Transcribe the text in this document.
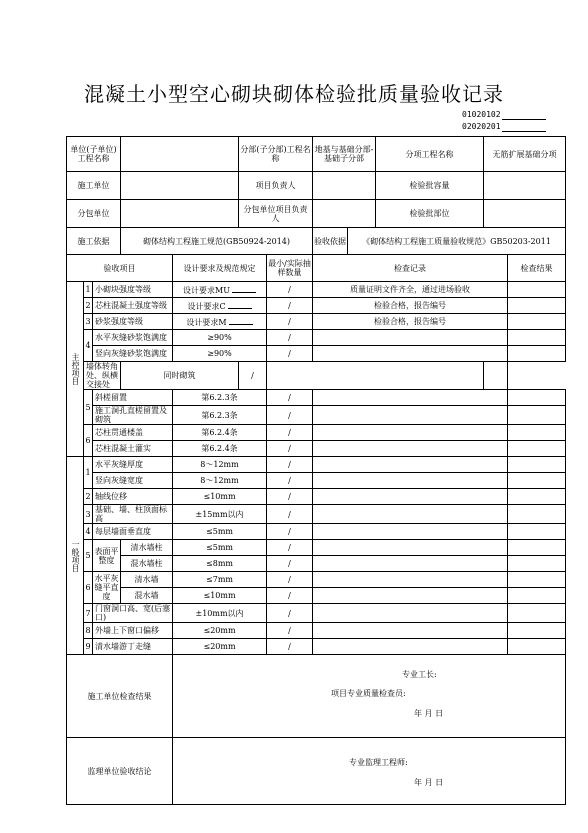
混凝土小型空心砌块砌体检验批质量验收记录
01020102
02020201
单位(子单位)工程名称					分部(子分部)工程名称		地基与基础分部-基础子分部		分项工程名称	无筋扩展基础分项	
施工单位					项目负责人				检验批容量		
分包单位					分包单位项目负责人				检验批部位		
施工依据			砌体结构工程施工规范(GB50924-2014)				验收依据	《砌体结构工程施工质量验收规范》GB50203-2011			
验收项目				设计要求及规范规定		最小/实际抽样数量	检查记录				检查结果
主控项目	1	小砌块强度等级		设计要求MU		/	质量证明文件齐全，通过进场验收				
	2	芯柱混凝土强度等级		设计要求C		/	检验合格，报告编号				
	3	砂浆强度等级		设计要求M		/	检验合格，报告编号				
	4	水平灰缝砂浆饱满度		≥90%		/					
		竖向灰缝砂浆饱满度		≥90%		/					
	墙体转角处、纵横交接处		同时砌筑		/						
	5	斜槎留置		第6.2.3条		/					
		施工洞孔直槎留置及砌筑		第6.2.3条		/					
	6	芯柱贯通楼盖		第6.2.4条		/					
		芯柱混凝土灌实		第6.2.4条		/					
一般项目	1	水平灰缝厚度		8～12mm		/					
		竖向灰缝宽度		8～12mm		/					
	2	轴线位移		≤10mm		/					
	3	基础、墙、柱顶面标高		±15mm以内		/					
	4	每层墙面垂直度		≤5mm		/					
	5	表面平整度	清水墙柱	≤5mm		/					
			混水墙柱	≤8mm		/					
	6	水平灰缝平直度	清水墙	≤7mm		/					
			混水墙	≤10mm		/					
	7	门窗洞口高、宽(后塞口)		±10mm以内		/					
	8	外墙上下窗口偏移		≤20mm		/					
	9	清水墙游丁走缝		≤20mm		/					
施工单位检查结果				专业工长:
项目专业质量检查员:
年 月 日							

监理单位验收结论				专业监理工程师:
年 月 日							
